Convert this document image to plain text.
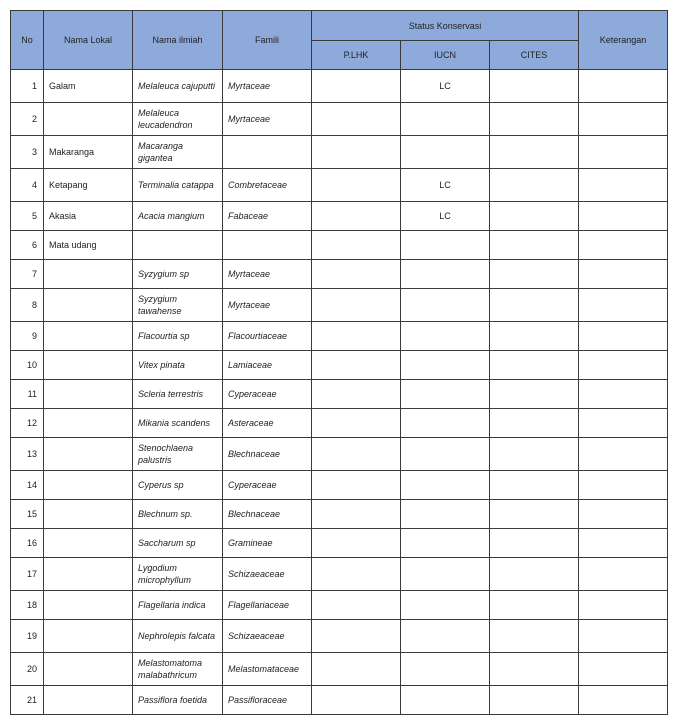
No	Nama Lokal	Nama ilmiah	Famili	Status Konservasi			Keterangan
				P.LHK	IUCN	CITES	
1	Galam	Melaleuca cajuputti	Myrtaceae		LC		
2		Melaleuca leucadendron	Myrtaceae				
3	Makaranga	Macaranga gigantea					
4	Ketapang	Terminalia catappa	Combretaceae		LC		
5	Akasia	Acacia mangium	Fabaceae		LC		
6	Mata udang						
7		Syzygium sp	Myrtaceae				
8		Syzygium tawahense	Myrtaceae				
9		Flacourtia sp	Flacourtiaceae				
10		Vitex pinata	Lamiaceae				
11		Scleria terrestris	Cyperaceae				
12		Mikania scandens	Asteraceae				
13		Stenochlaena palustris	Blechnaceae				
14		Cyperus sp	Cyperaceae				
15		Blechnum sp.	Blechnaceae				
16		Saccharum sp	Gramineae				
17		Lygodium microphyllum	Schizaeaceae				
18		Flagellaria indica	Flagellariaceae				
19		Nephrolepis falcata	Schizaeaceae				
20		Melastomatoma malabathricum	Melastomataceae				
21		Passiflora foetida	Passifloraceae				
